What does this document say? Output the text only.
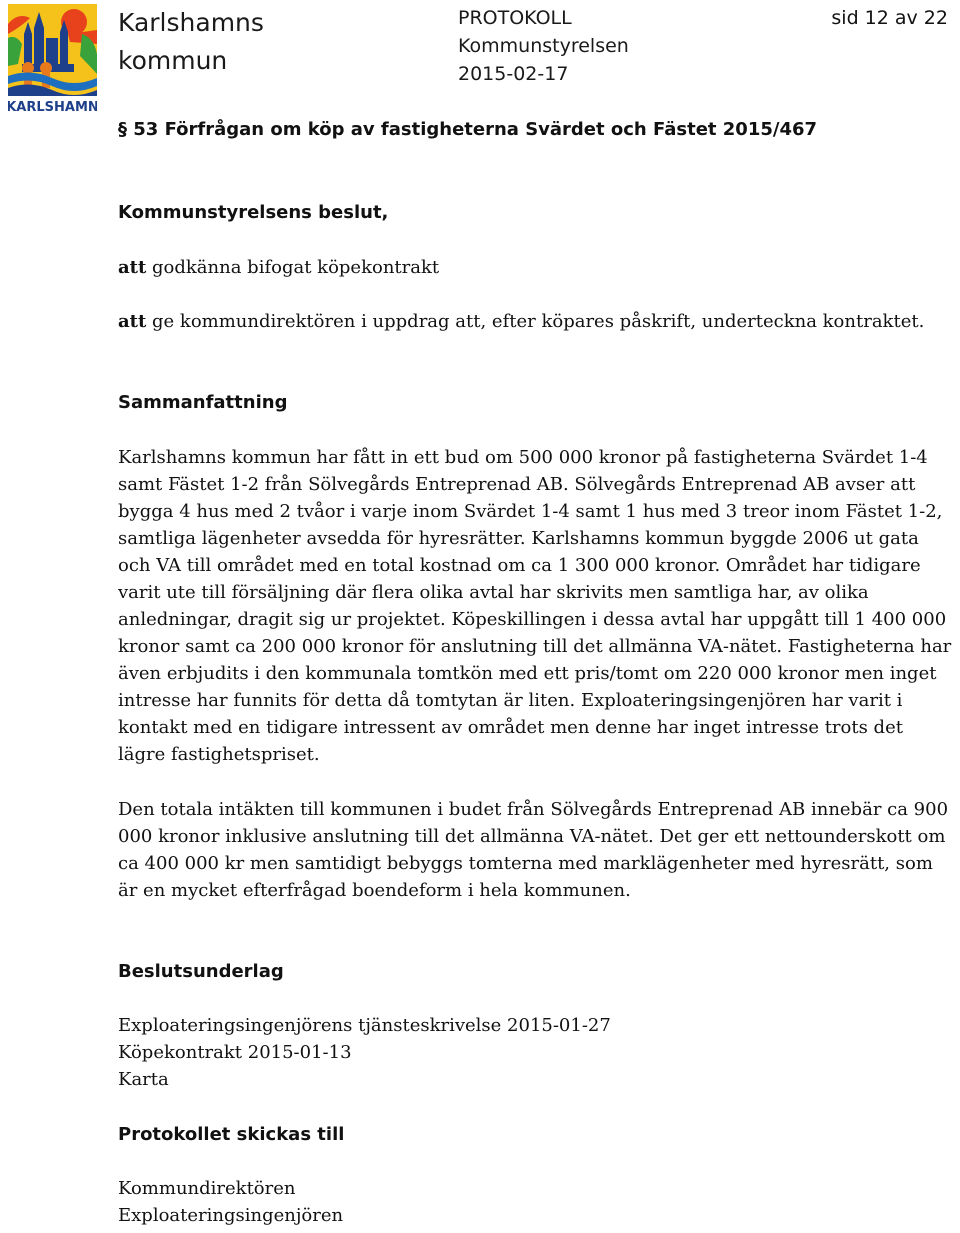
KARLSHAMN
Karlshamns
kommun
PROTOKOLL
Kommunstyrelsen
2015-02-17
sid 12 av 22
§ 53 Förfrågan om köp av fastigheterna Svärdet och Fästet 2015/467
Kommunstyrelsens beslut,

att godkänna bifogat köpekontrakt

att ge kommundirektören i uppdrag att, efter köpares påskrift, underteckna kontraktet.

Sammanfattning

Karlshamns kommun har fått in ett bud om 500 000 kronor på fastigheterna Svärdet 1-4 samt Fästet 1-2 från Sölvegårds Entreprenad AB. Sölvegårds Entreprenad AB avser att bygga 4 hus med 2 tvåor i varje inom Svärdet 1-4 samt 1 hus med 3 treor inom Fästet 1-2, samtliga lägenheter avsedda för hyresrätter. Karlshamns kommun byggde 2006 ut gata och VA till området med en total kostnad om ca 1 300 000 kronor. Området har tidigare varit ute till försäljning där flera olika avtal har skrivits men samtliga har, av olika anledningar, dragit sig ur projektet. Köpeskillingen i dessa avtal har uppgått till 1 400 000 kronor samt ca 200 000 kronor för anslutning till det allmänna VA-nätet. Fastigheterna har även erbjudits i den kommunala tomtkön med ett pris/tomt om 220 000 kronor men inget intresse har funnits för detta då tomtytan är liten. Exploateringsingenjören har varit i kontakt med en tidigare intressent av området men denne har inget intresse trots det lägre fastighetspriset.

Den totala intäkten till kommunen i budet från Sölvegårds Entreprenad AB innebär ca 900 000 kronor inklusive anslutning till det allmänna VA-nätet. Det ger ett nettounderskott om ca 400 000 kr men samtidigt bebyggs tomterna med marklägenheter med hyresrätt, som är en mycket efterfrågad boendeform i hela kommunen.

Beslutsunderlag
Exploateringsingenjörens tjänsteskrivelse 2015-01-27
Köpekontrakt 2015-01-13
Karta
Protokollet skickas till
Kommundirektören
Exploateringsingenjören
